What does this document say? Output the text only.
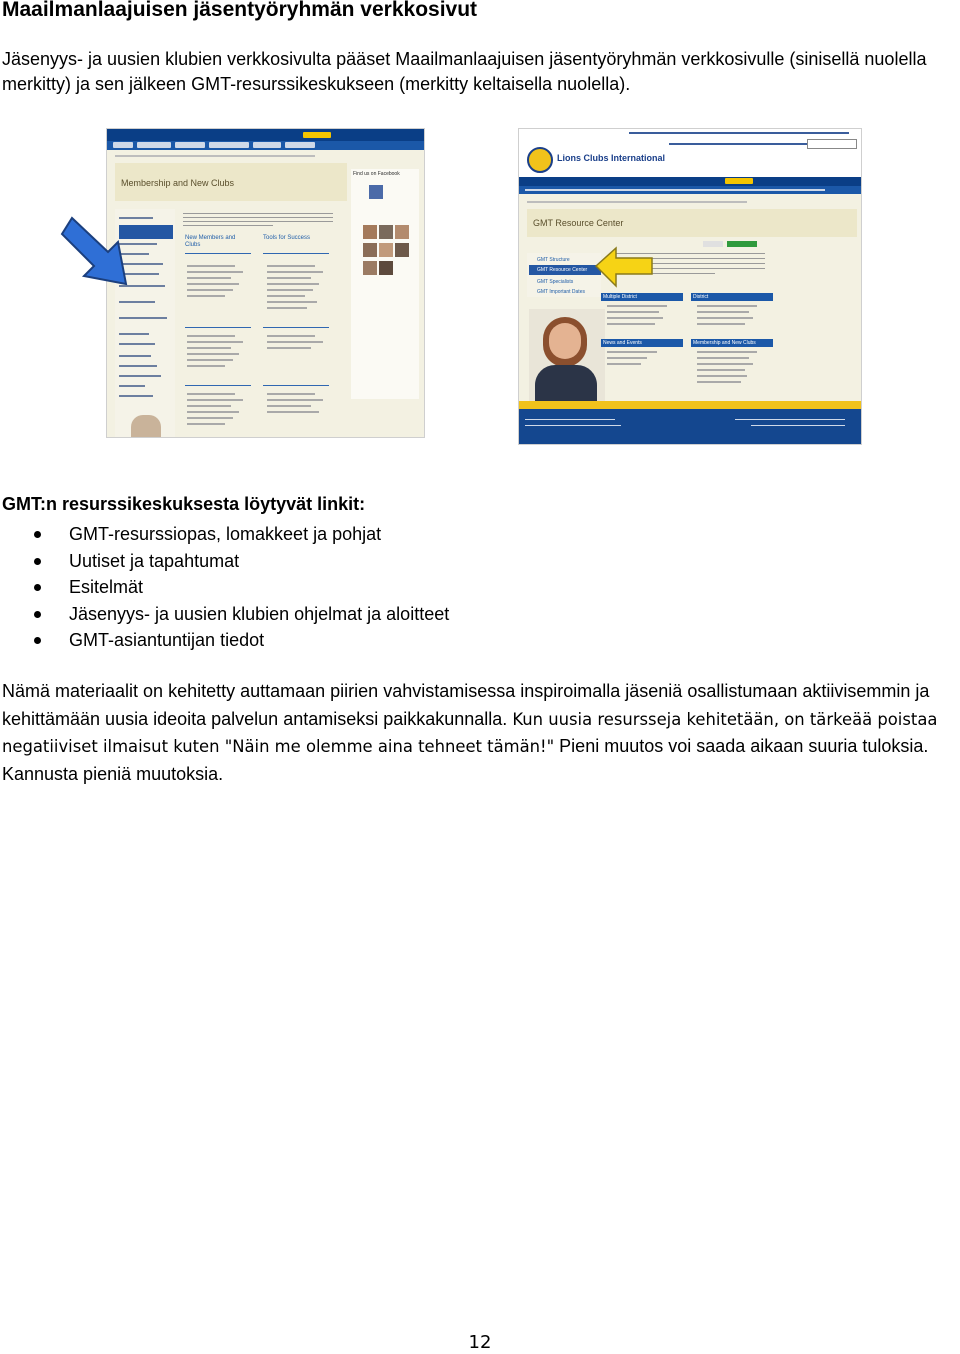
Maailmanlaajuisen jäsentyöryhmän verkkosivut

Jäsenyys- ja uusien klubien verkkosivulta pääset Maailmanlaajuisen jäsentyöryhmän verkkosivulle (sinisellä nuolella merkitty) ja sen jälkeen GMT-resurssikeskukseen (merkitty keltaisella nuolella).

Membership and New Clubs
Find us on Facebook
New Members and Clubs
Tools for Success
Lions Clubs International
GMT Resource Center
GMT Structure
GMT Resource Center
GMT Specialists
GMT Important Dates
Multiple District	District
News and Events	Membership and New Clubs

GMT:n resurssikeskuksesta löytyvät linkit:

GMT-resurssiopas, lomakkeet ja pohjat
Uutiset ja tapahtumat
Esitelmät
Jäsenyys- ja uusien klubien ohjelmat ja aloitteet
GMT-asiantuntijan tiedot

Nämä materiaalit on kehitetty auttamaan piirien vahvistamisessa inspiroimalla jäseniä osallistumaan aktiivisemmin ja kehittämään uusia ideoita palvelun antamiseksi paikkakunnalla. Kun uusia resursseja kehitetään, on tärkeää poistaa negatiiviset ilmaisut kuten "Näin me olemme aina tehneet tämän!" Pieni muutos voi saada aikaan suuria tuloksia. Kannusta pieniä muutoksia.

12
